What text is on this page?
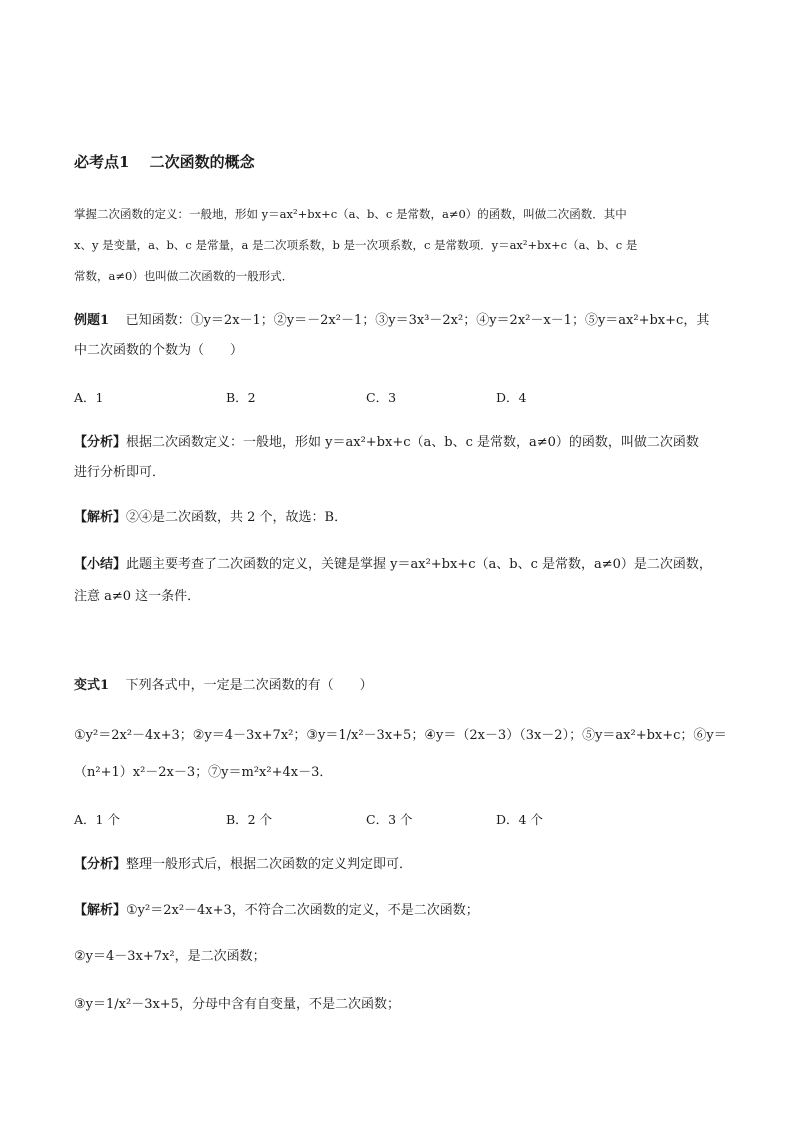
必考点1　 二次函数的概念
掌握二次函数的定义：一般地，形如 y＝ax²+bx+c（a、b、c 是常数，a≠0）的函数，叫做二次函数．其中
x、y 是变量，a、b、c 是常量，a 是二次项系数，b 是一次项系数，c 是常数项．y＝ax²+bx+c（a、b、c 是
常数，a≠0）也叫做二次函数的一般形式．
例题1 已知函数：①y＝2x－1；②y＝－2x²－1；③y＝3x³－2x²；④y＝2x²－x－1；⑤y＝ax²+bx+c，其
中二次函数的个数为（　　）
A．1	B．2	C．3	D．4
【分析】根据二次函数定义：一般地，形如 y＝ax²+bx+c（a、b、c 是常数，a≠0）的函数，叫做二次函数
进行分析即可．
【解析】②④是二次函数，共 2 个，故选：B．
【小结】此题主要考查了二次函数的定义，关键是掌握 y＝ax²+bx+c（a、b、c 是常数，a≠0）是二次函数，
注意 a≠0 这一条件．
变式1 下列各式中，一定是二次函数的有（　　）
①y²＝2x²－4x+3；②y＝4－3x+7x²；③y＝1/x²－3x+5；④y＝（2x－3）（3x－2）；⑤y＝ax²+bx+c；⑥y＝
（n²+1）x²－2x－3；⑦y＝m²x²+4x－3．
A．1 个	B．2 个	C．3 个	D．4 个
【分析】整理一般形式后，根据二次函数的定义判定即可．
【解析】①y²＝2x²－4x+3，不符合二次函数的定义，不是二次函数；
②y＝4－3x+7x²，是二次函数；
③y＝1/x²－3x+5，分母中含有自变量，不是二次函数；
